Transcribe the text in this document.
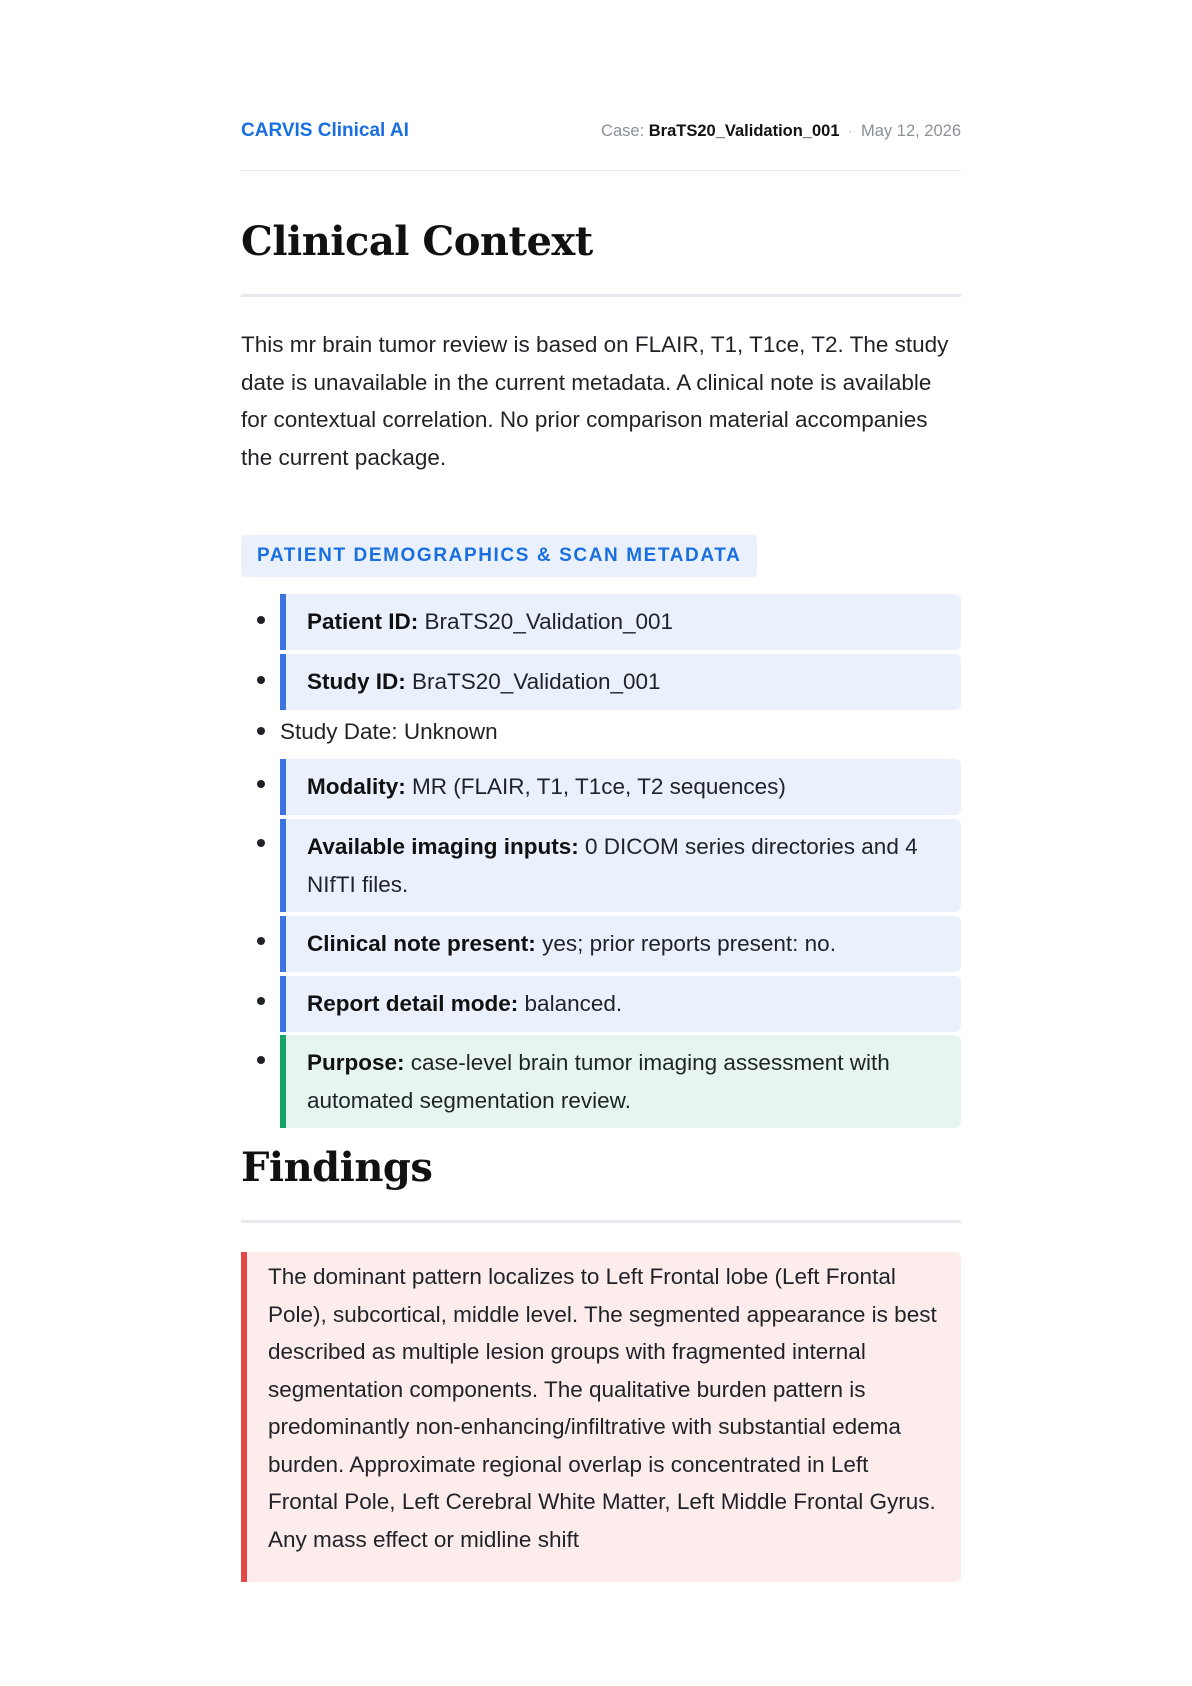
CARVIS Clinical AI	Case: BraTS20_Validation_001 · May 12, 2026
Clinical Context

This mr brain tumor review is based on FLAIR, T1, T1ce, T2. The study date is unavailable in the current metadata. A clinical note is available for contextual correlation. No prior comparison material accompanies the current package.

PATIENT DEMOGRAPHICS & SCAN METADATA
Patient ID: BraTS20_Validation_001
Study ID: BraTS20_Validation_001
Study Date: Unknown
Modality: MR (FLAIR, T1, T1ce, T2 sequences)
Available imaging inputs: 0 DICOM series directories and 4 NIfTI files.
Clinical note present: yes; prior reports present: no.
Report detail mode: balanced.
Purpose: case-level brain tumor imaging assessment with automated segmentation review.
Findings
The dominant pattern localizes to Left Frontal lobe (Left Frontal Pole), subcortical, middle level. The segmented appearance is best described as multiple lesion groups with fragmented internal segmentation components. The qualitative burden pattern is predominantly non-enhancing/infiltrative with substantial edema burden. Approximate regional overlap is concentrated in Left Frontal Pole, Left Cerebral White Matter, Left Middle Frontal Gyrus. Any mass effect or midline shift
